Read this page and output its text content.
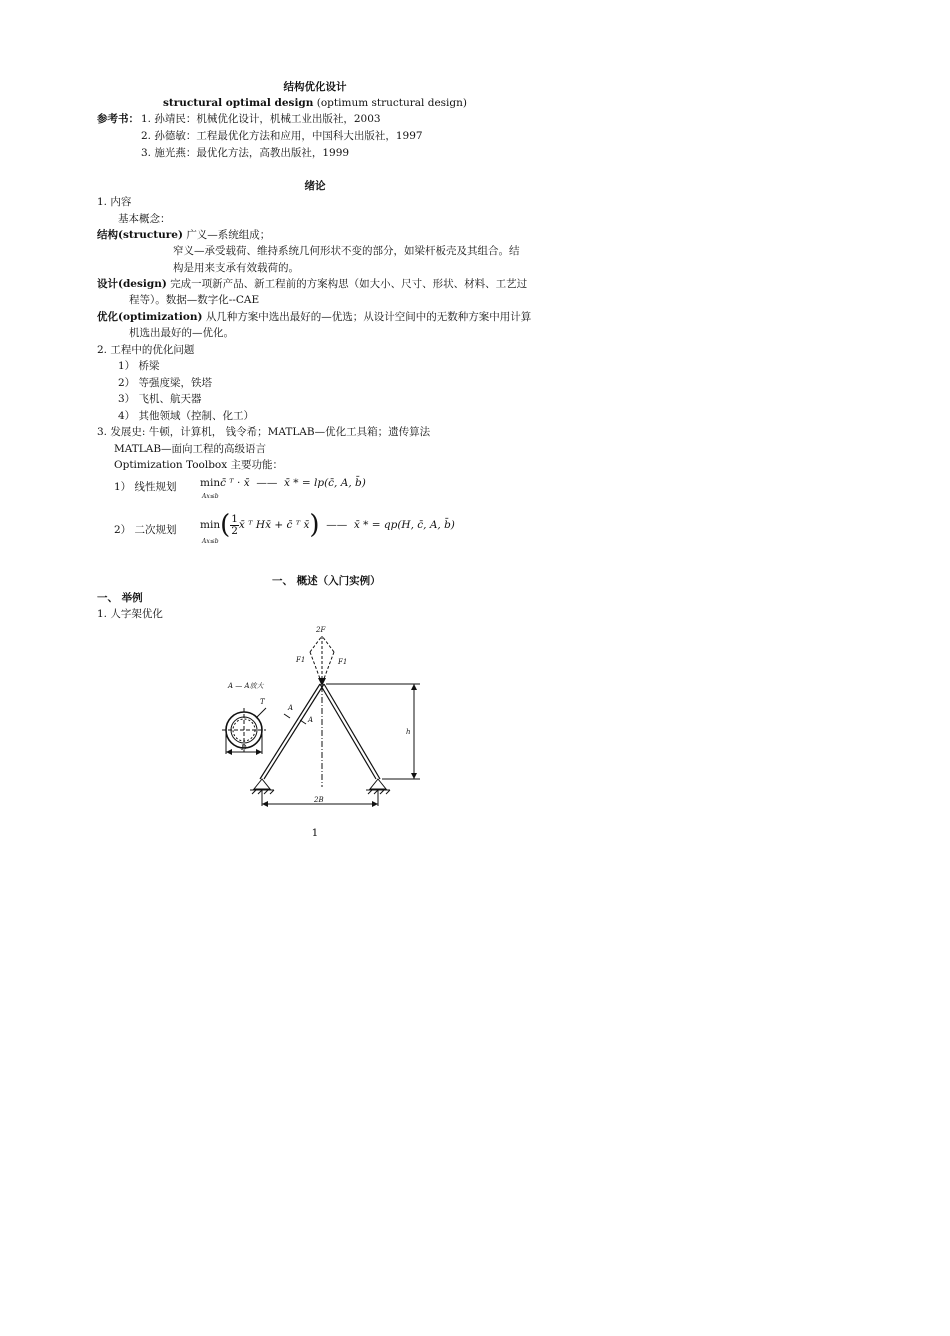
结构优化设计
structural optimal design (optimum structural design)
参考书： 1. 孙靖民：机械优化设计，机械工业出版社，2003
2. 孙德敏：工程最优化方法和应用，中国科大出版社，1997
3. 施光燕：最优化方法，高教出版社，1999
绪论
1. 内容
基本概念：
结构(structure) 广义—系统组成；
窄义—承受载荷、维持系统几何形状不变的部分，如梁杆板壳及其组合。结
构是用来支承有效载荷的。
设计(design) 完成一项新产品、新工程前的方案构思（如大小、尺寸、形状、材料、工艺过
程等）。数据—数字化--CAE
优化(optimization) 从几种方案中选出最好的—优选；从设计空间中的无数种方案中用计算
机选出最好的—优化。
2. 工程中的优化问题
1） 桥梁
2） 等强度梁，铁塔
3） 飞机、航天器
4） 其他领域（控制、化工）
3. 发展史: 牛顿，计算机， 钱令希；MATLAB—优化工具箱；遗传算法
MATLAB—面向工程的高级语言
Optimization Toolbox 主要功能：
1） 线性规划 minc̄ ᵀ · x̄ —— x̄ * = lp(c̄, A, b̄)
Ax≤b
2） 二次规划 $\min( \frac{1}{2}$ x̄ ᵀ Hx̄ + c̄ ᵀ x̄) —— x̄ * = qp(H, c̄, A, b̄)
Ax≤b
一、 概述（入门实例）
一、 举例
1. 人字架优化
2F
F1	F1
A — A放大
A
A
h
D
T
2B
1
